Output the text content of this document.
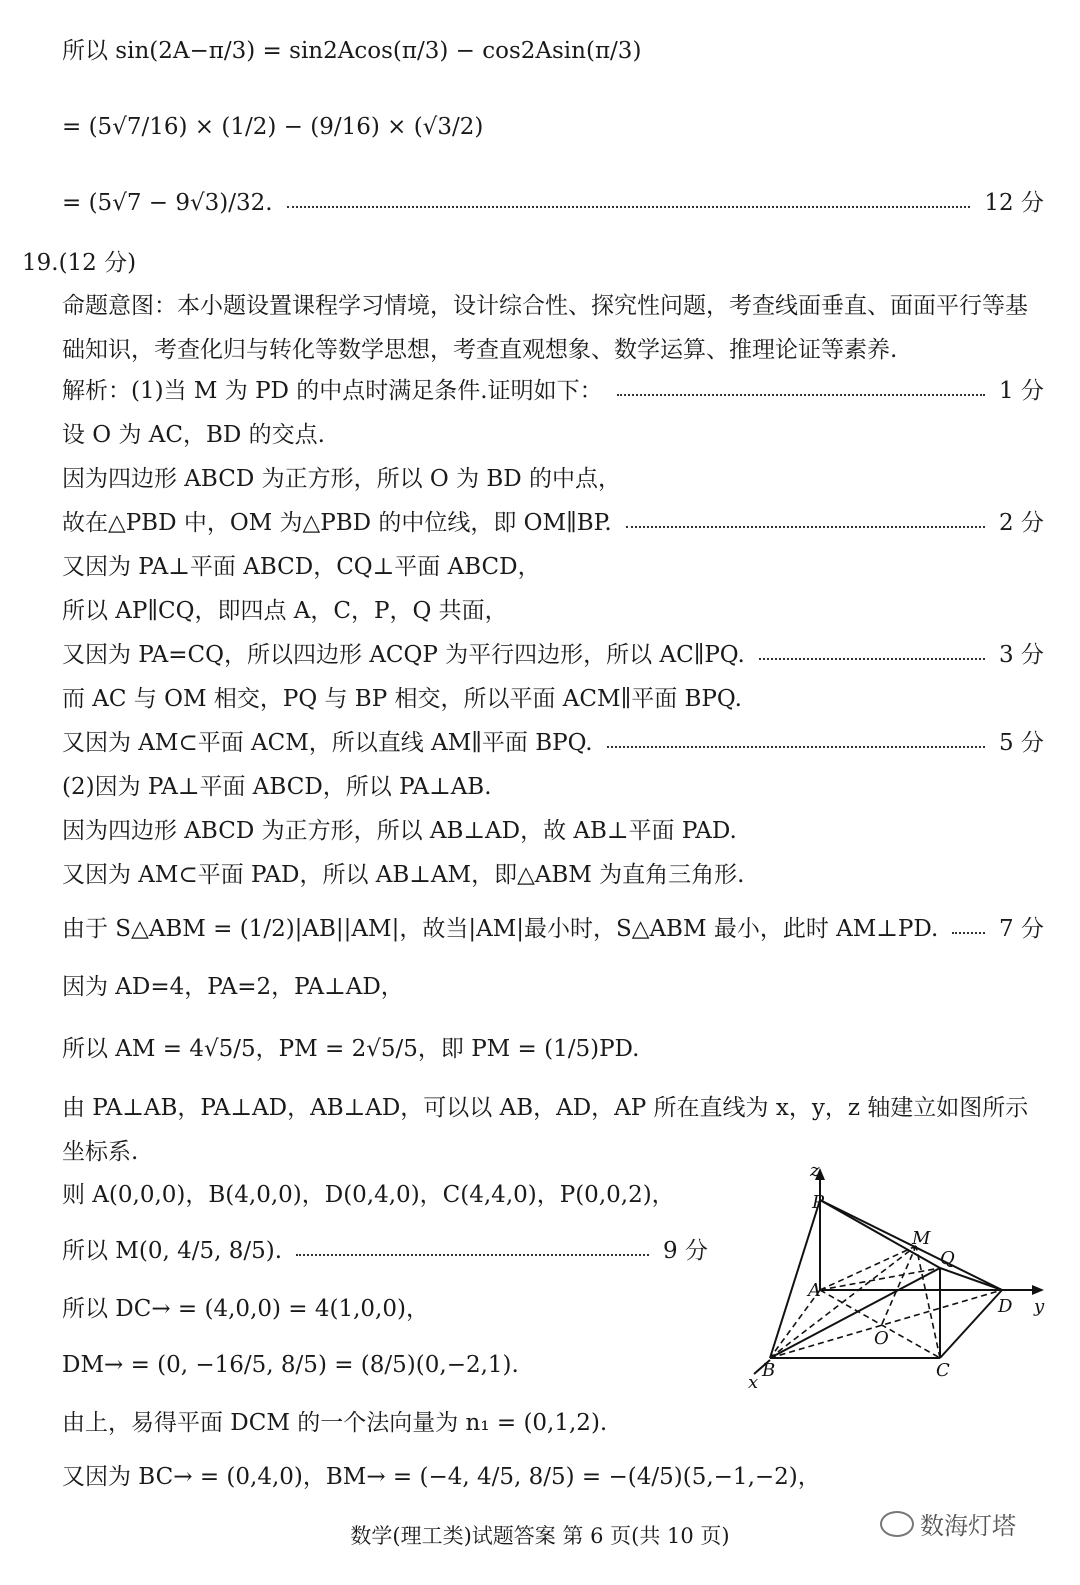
所以 sin(2A−π/3) = sin2Acos(π/3) − cos2Asin(π/3)
= (5√7/16) × (1/2) − (9/16) × (√3/2)
= (5√7 − 9√3)/32.	12 分
19.(12 分)
命题意图：本小题设置课程学习情境，设计综合性、探究性问题，考查线面垂直、面面平行等基础知识，考查化归与转化等数学思想，考查直观想象、数学运算、推理论证等素养.
解析：(1)当 M 为 PD 的中点时满足条件.证明如下：	1 分
设 O 为 AC，BD 的交点.
因为四边形 ABCD 为正方形，所以 O 为 BD 的中点，
故在△PBD 中，OM 为△PBD 的中位线，即 OM∥BP.	2 分
又因为 PA⊥平面 ABCD，CQ⊥平面 ABCD，
所以 AP∥CQ，即四点 A，C，P，Q 共面，
又因为 PA=CQ，所以四边形 ACQP 为平行四边形，所以 AC∥PQ.	3 分
而 AC 与 OM 相交，PQ 与 BP 相交，所以平面 ACM∥平面 BPQ.
又因为 AM⊂平面 ACM，所以直线 AM∥平面 BPQ.	5 分
(2)因为 PA⊥平面 ABCD，所以 PA⊥AB.
因为四边形 ABCD 为正方形，所以 AB⊥AD，故 AB⊥平面 PAD.
又因为 AM⊂平面 PAD，所以 AB⊥AM，即△ABM 为直角三角形.
由于 S△ABM = (1/2)|AB||AM|，故当|AM|最小时，S△ABM 最小，此时 AM⊥PD.	7 分
因为 AD=4，PA=2，PA⊥AD，
所以 AM = 4√5/5，PM = 2√5/5，即 PM = (1/5)PD.
由 PA⊥AB，PA⊥AD，AB⊥AD，可以以 AB，AD，AP 所在直线为 x，y，z 轴建立如图所示坐标系.
则 A(0,0,0)，B(4,0,0)，D(0,4,0)，C(4,4,0)，P(0,0,2)，
所以 M(0, 4/5, 8/5).	9 分
所以 DC→ = (4,0,0) = 4(1,0,0)，
DM→ = (0, −16/5, 8/5) = (8/5)(0,−2,1).
由上，易得平面 DCM 的一个法向量为 n₁ = (0,1,2).
又因为 BC→ = (0,4,0)，BM→ = (−4, 4/5, 8/5) = −(4/5)(5,−1,−2)，
z
y
x
P
M
Q
A
D
O
B	C
数学(理工类)试题答案 第 6 页(共 10 页)	数海灯塔
